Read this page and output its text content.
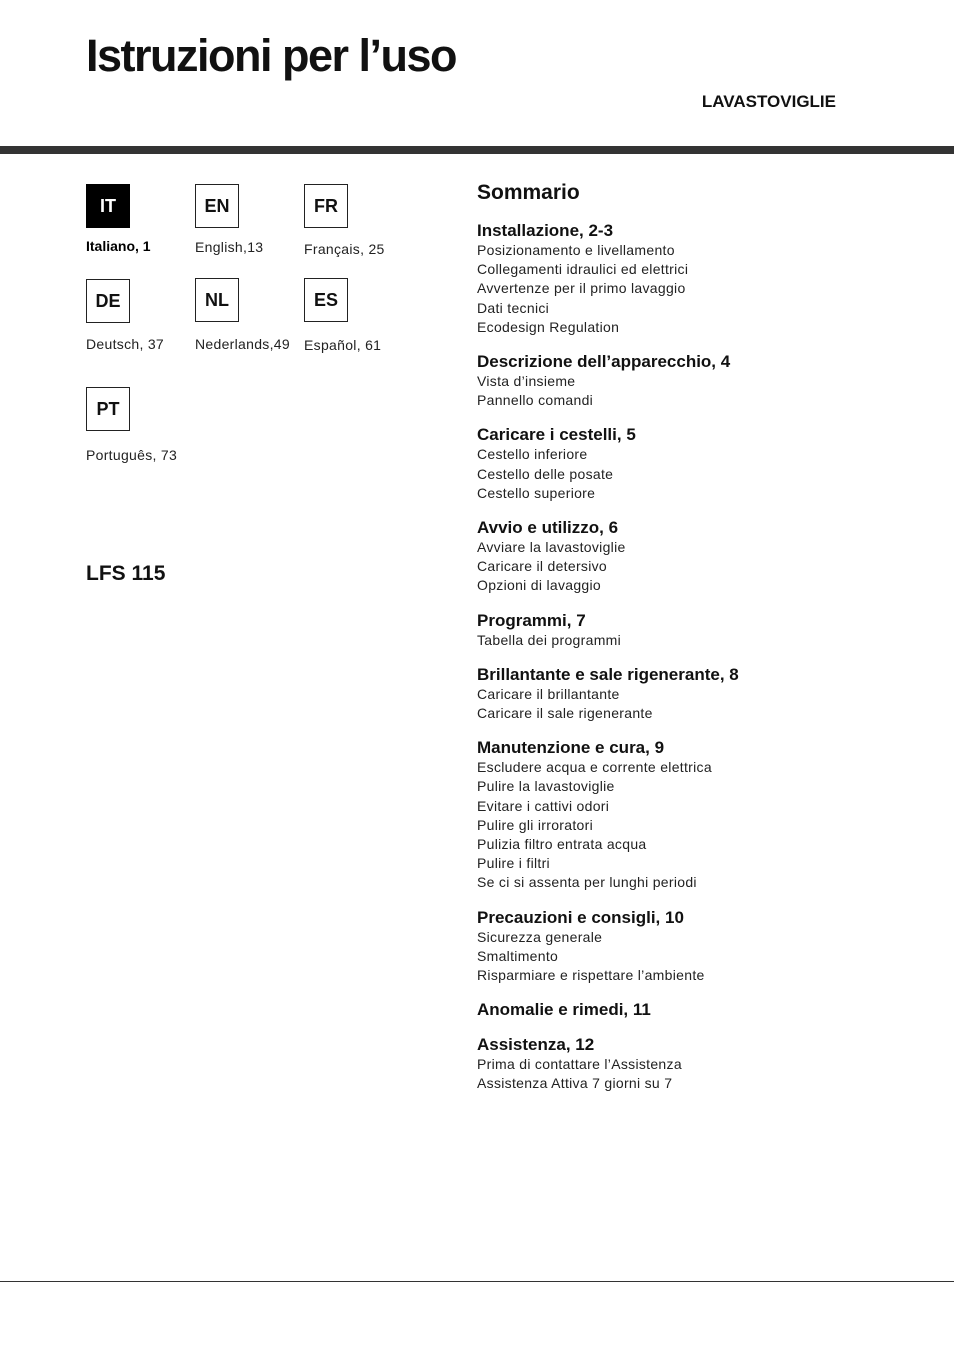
Istruzioni per l’uso
LAVASTOVIGLIE
IT
Italiano, 1
EN
English,13
FR
Français, 25
DE
Deutsch, 37
NL
Nederlands,49
ES
Español, 61
PT
Português, 73
LFS 115
Sommario
Installazione, 2-3
Posizionamento e livellamento
Collegamenti idraulici ed elettrici
Avvertenze per il primo lavaggio
Dati tecnici
Ecodesign Regulation
Descrizione dell’apparecchio, 4
Vista d’insieme
Pannello comandi
Caricare i cestelli, 5
Cestello inferiore
Cestello delle posate
Cestello superiore
Avvio e utilizzo, 6
Avviare la lavastoviglie
Caricare il detersivo
Opzioni di lavaggio
Programmi, 7
Tabella dei programmi
Brillantante e sale rigenerante, 8
Caricare il brillantante
Caricare il sale rigenerante
Manutenzione e cura, 9
Escludere acqua e corrente elettrica
Pulire la lavastoviglie
Evitare i cattivi odori
Pulire gli irroratori
Pulizia filtro entrata acqua
Pulire i filtri
Se ci si assenta per lunghi periodi
Precauzioni e consigli, 10
Sicurezza generale
Smaltimento
Risparmiare e rispettare l’ambiente
Anomalie e rimedi, 11
Assistenza, 12
Prima di contattare l’Assistenza
Assistenza Attiva 7 giorni su 7
